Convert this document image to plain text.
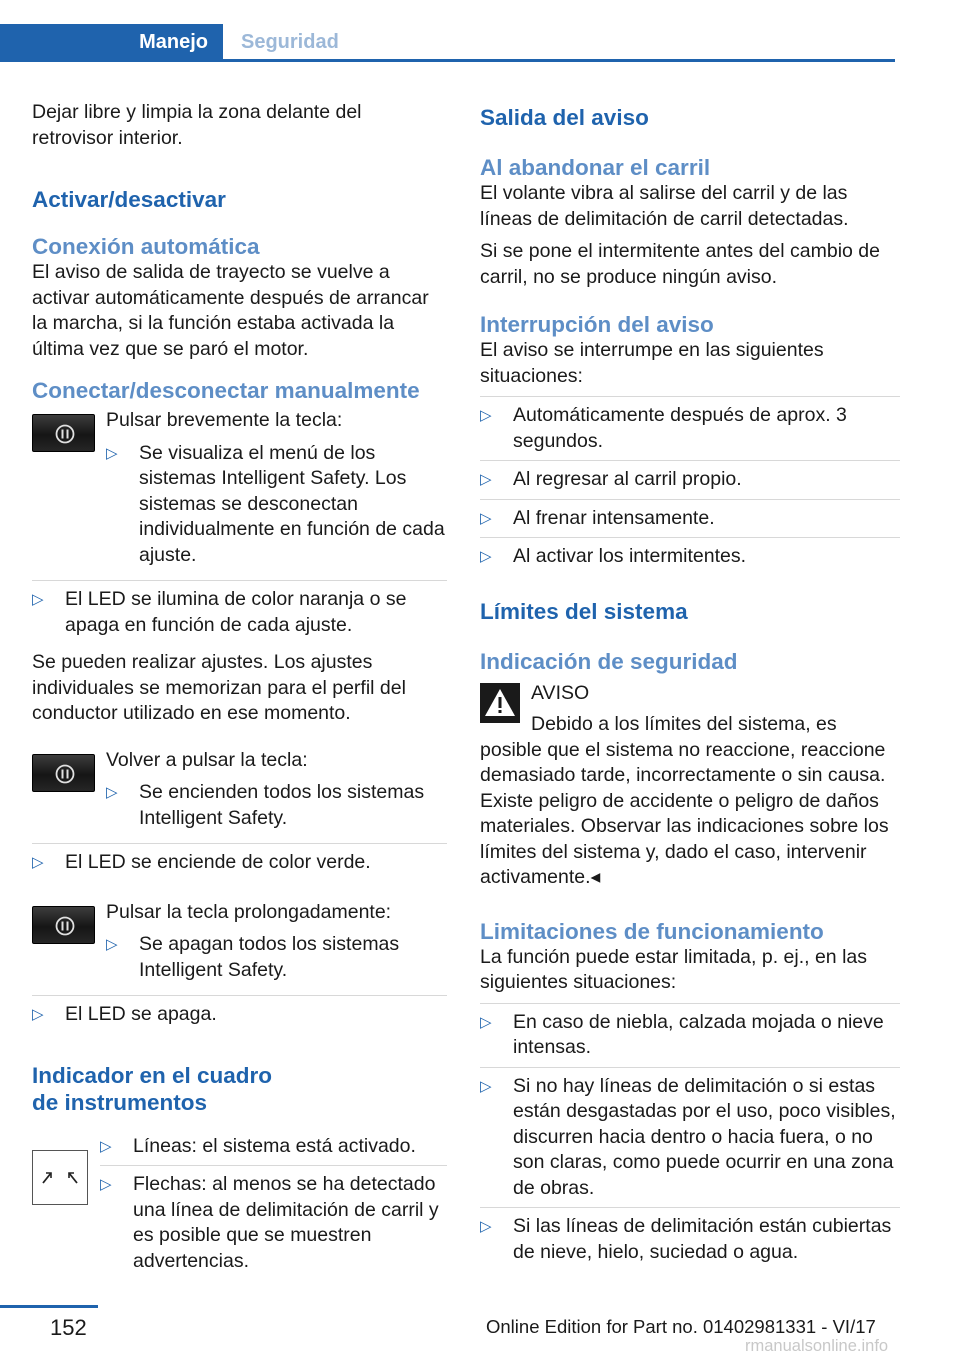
Manejo Seguridad

Dejar libre y limpia la zona delante del retrovisor interior.

Activar/desactivar
Conexión automática

El aviso de salida de trayecto se vuelve a activar automáticamente después de arrancar la marcha, si la función estaba activada la última vez que se paró el motor.

Conectar/desconectar manualmente

Pulsar brevemente la tecla:

▷ Se visualiza el menú de los sistemas Intelligent Safety. Los sistemas se desconectan individualmente en función de cada ajuste.
▷ El LED se ilumina de color naranja o se apaga en función de cada ajuste.

Se pueden realizar ajustes. Los ajustes individuales se memorizan para el perfil del conductor utilizado en ese momento.

Volver a pulsar la tecla:

▷ Se encienden todos los sistemas Intelligent Safety.
▷ El LED se enciende de color verde.

Pulsar la tecla prolongadamente:

▷ Se apagan todos los sistemas Intelligent Safety.
▷ El LED se apaga.
Indicador en el cuadro
de instrumentos
▷ Líneas: el sistema está activado.
▷ Flechas: al menos se ha detectado una línea de delimitación de carril y es posible que se muestren advertencias.
Salida del aviso
Al abandonar el carril

El volante vibra al salirse del carril y de las líneas de delimitación de carril detectadas.

Si se pone el intermitente antes del cambio de carril, no se produce ningún aviso.

Interrupción del aviso

El aviso se interrumpe en las siguientes situaciones:

▷ Automáticamente después de aprox. 3 segundos.
▷ Al regresar al carril propio.
▷ Al frenar intensamente.
▷ Al activar los intermitentes.
Límites del sistema
Indicación de seguridad

AVISO

Debido a los límites del sistema, es posible que el sistema no reaccione, reaccione demasiado tarde, incorrectamente o sin causa. Existe peligro de accidente o peligro de daños materiales. Observar las indicaciones sobre los límites del sistema y, dado el caso, intervenir activamente.◂

Limitaciones de funcionamiento

La función puede estar limitada, p. ej., en las siguientes situaciones:

▷ En caso de niebla, calzada mojada o nieve intensas.
▷ Si no hay líneas de delimitación o si estas están desgastadas por el uso, poco visibles, discurren hacia dentro o hacia fuera, o no son claras, como puede ocurrir en una zona de obras.
▷ Si las líneas de delimitación están cubiertas de nieve, hielo, suciedad o agua.
152	Online Edition for Part no. 01402981331 - VI/17
rmanualsonline.info
